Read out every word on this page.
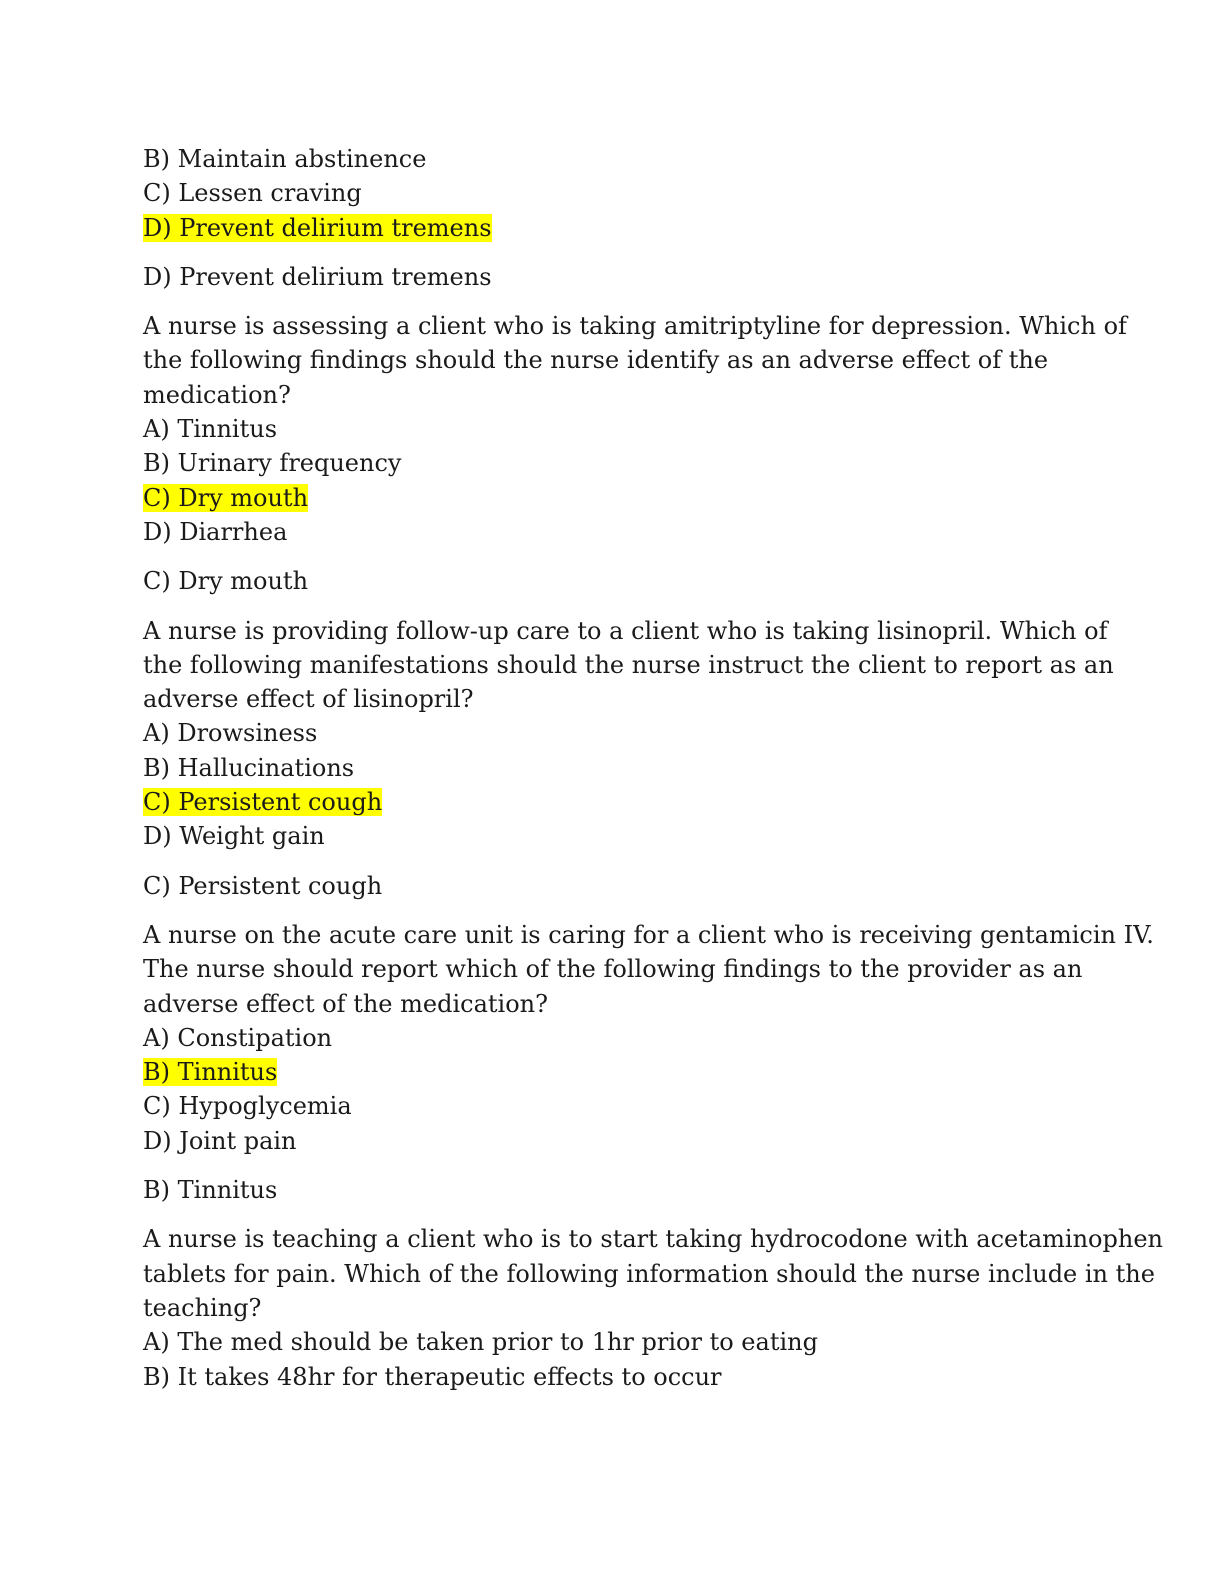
B) Maintain abstinence
C) Lessen craving
D) Prevent delirium tremens
D) Prevent delirium tremens
A nurse is assessing a client who is taking amitriptyline for depression. Which of
the following findings should the nurse identify as an adverse effect of the
medication?
A) Tinnitus
B) Urinary frequency
C) Dry mouth
D) Diarrhea
C) Dry mouth
A nurse is providing follow-up care to a client who is taking lisinopril. Which of
the following manifestations should the nurse instruct the client to report as an
adverse effect of lisinopril?
A) Drowsiness
B) Hallucinations
C) Persistent cough
D) Weight gain
C) Persistent cough
A nurse on the acute care unit is caring for a client who is receiving gentamicin IV.
The nurse should report which of the following findings to the provider as an
adverse effect of the medication?
A) Constipation
B) Tinnitus
C) Hypoglycemia
D) Joint pain
B) Tinnitus
A nurse is teaching a client who is to start taking hydrocodone with acetaminophen
tablets for pain. Which of the following information should the nurse include in the
teaching?
A) The med should be taken prior to 1hr prior to eating
B) It takes 48hr for therapeutic effects to occur
